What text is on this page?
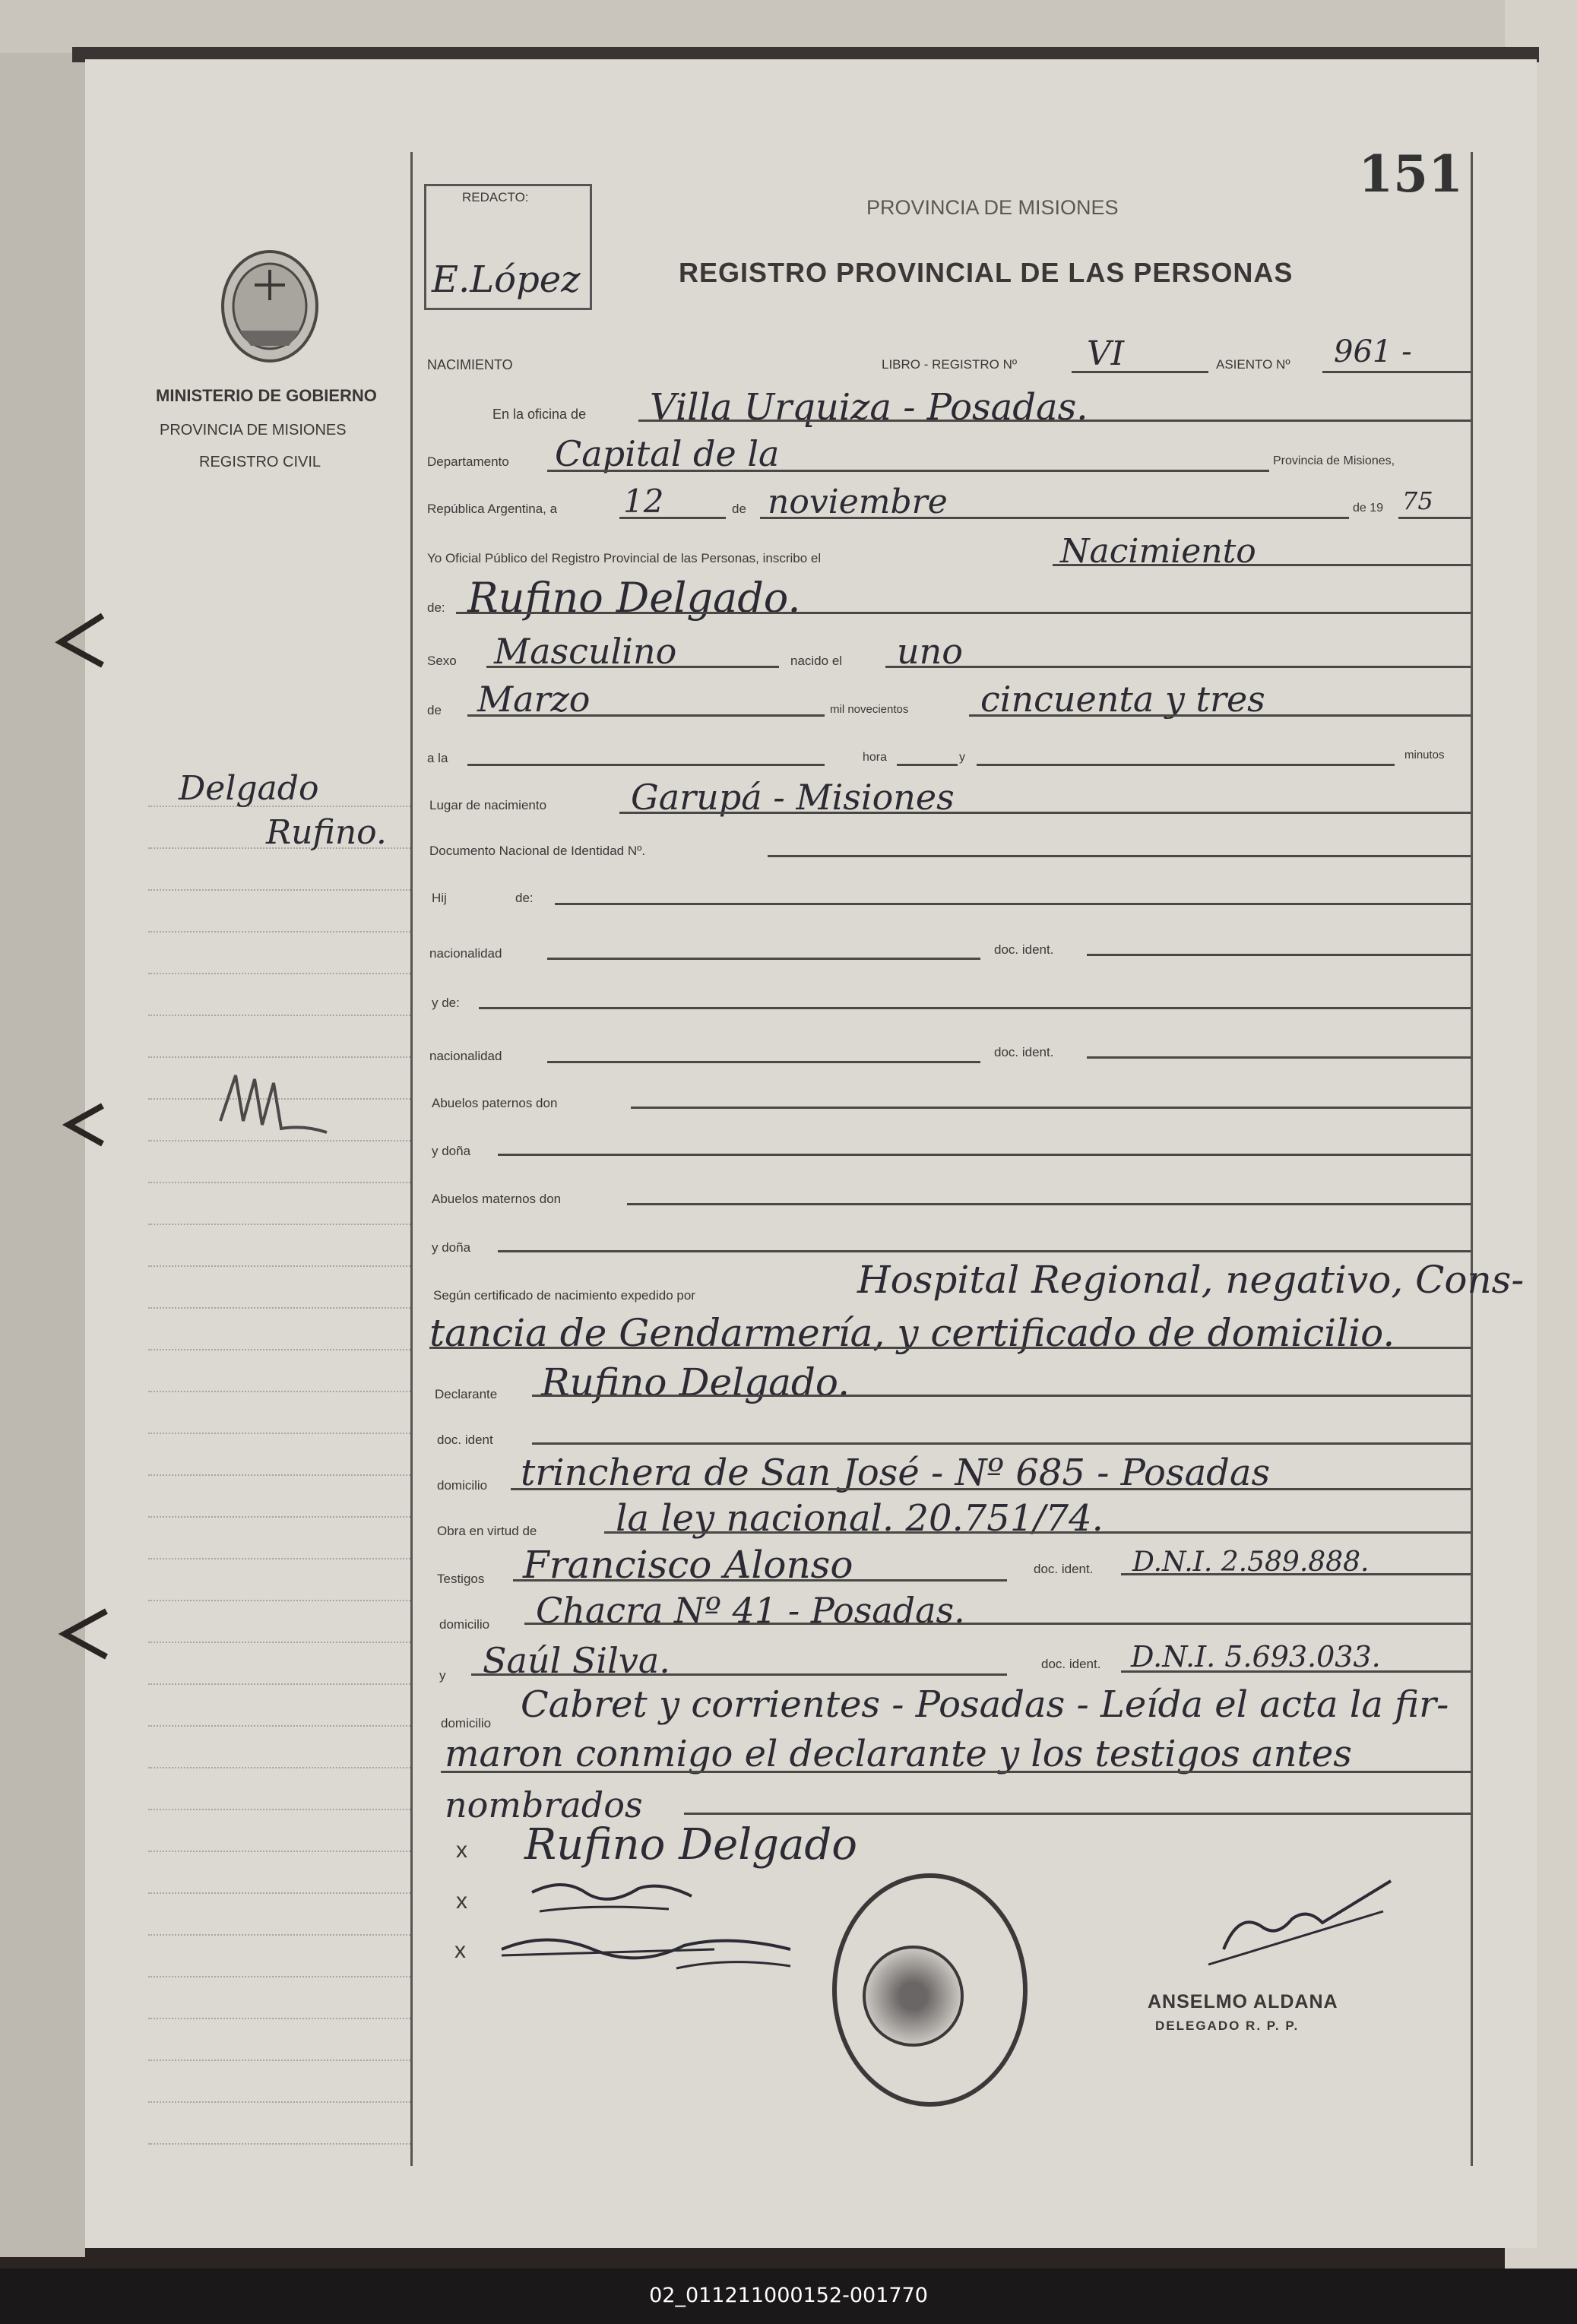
MINISTERIO DE GOBIERNO
PROVINCIA DE MISIONES
REGISTRO CIVIL
REDACTO:
E.López
PROVINCIA DE MISIONES
REGISTRO PROVINCIAL DE LAS PERSONAS
151
NACIMIENTO	LIBRO - REGISTRO Nº VI	ASIENTO Nº 961 -
En la oficina de Villa Urquiza - Posadas.
Departamento Capital de la	Provincia de Misiones,
República Argentina, a 12	de noviembre	de 19 75
Yo Oficial Público del Registro Provincial de las Personas, inscribo el	Nacimiento
de: Rufino Delgado.
Sexo Masculino	nacido el uno
de Marzo	mil novecientos cincuenta y tres
a la	hora	y	minutos
Lugar de nacimiento Garupá - Misiones
Documento Nacional de Identidad Nº.
Hij	de:
nacionalidad	doc. ident.
y de:
nacionalidad	doc. ident.
Abuelos paternos don
y doña
Abuelos maternos don
y doña
Según certificado de nacimiento expedido por	Hospital Regional, negativo, Cons-
tancia de Gendarmería, y certificado de domicilio.
Declarante Rufino Delgado.
doc. ident
domicilio trinchera de San José - Nº 685 - Posadas
Obra en virtud de la ley nacional. 20.751/74.
Testigos Francisco Alonso	doc. ident. D.N.I. 2.589.888.
domicilio Chacra Nº 41 - Posadas.
y Saúl Silva.	doc. ident. D.N.I. 5.693.033.
domicilio Cabret y corrientes - Posadas - Leída el acta la fir-
maron conmigo el declarante y los testigos antes
nombrados
x Rufino Delgado
x
x
ANSELMO ALDANA
DELEGADO R. P. P.
Delgado
Rufino.
02_011211000152-001770
